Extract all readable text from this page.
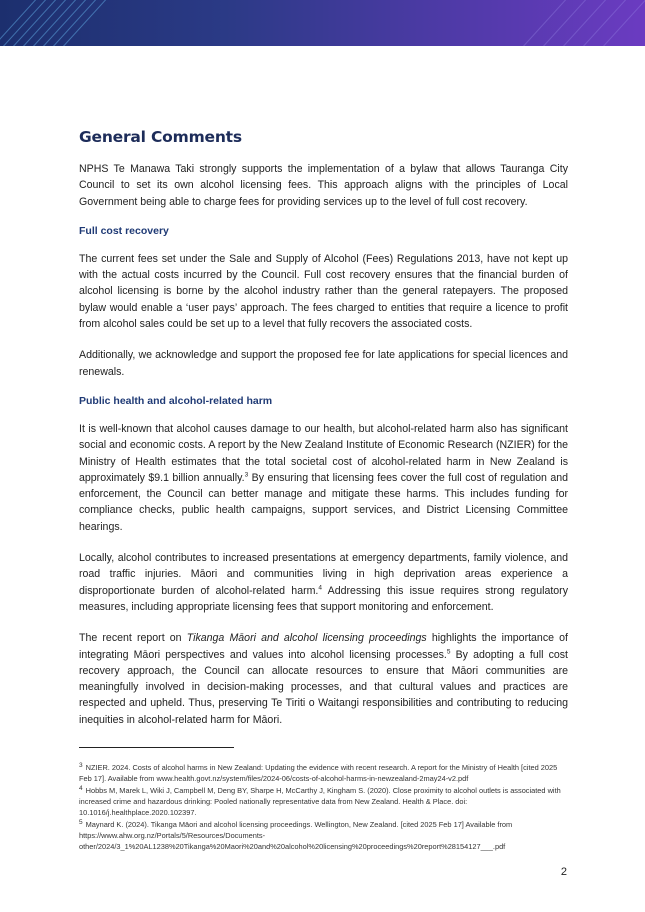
General Comments

NPHS Te Manawa Taki strongly supports the implementation of a bylaw that allows Tauranga City Council to set its own alcohol licensing fees. This approach aligns with the principles of Local Government being able to charge fees for providing services up to the level of full cost recovery.

Full cost recovery

The current fees set under the Sale and Supply of Alcohol (Fees) Regulations 2013, have not kept up with the actual costs incurred by the Council. Full cost recovery ensures that the financial burden of alcohol licensing is borne by the alcohol industry rather than the general ratepayers. The proposed bylaw would enable a ‘user pays’ approach. The fees charged to entities that require a licence to profit from alcohol sales could be set up to a level that fully recovers the associated costs.

Additionally, we acknowledge and support the proposed fee for late applications for special licences and renewals.

Public health and alcohol-related harm

It is well-known that alcohol causes damage to our health, but alcohol-related harm also has significant social and economic costs. A report by the New Zealand Institute of Economic Research (NZIER) for the Ministry of Health estimates that the total societal cost of alcohol-related harm in New Zealand is approximately $9.1 billion annually.$^3$ By ensuring that licensing fees cover the full cost of regulation and enforcement, the Council can better manage and mitigate these harms. This includes funding for compliance checks, public health campaigns, support services, and District Licensing Committee hearings.

Locally, alcohol contributes to increased presentations at emergency departments, family violence, and road traffic injuries. Māori and communities living in high deprivation areas experience a disproportionate burden of alcohol-related harm.$^4$ Addressing this issue requires strong regulatory measures, including appropriate licensing fees that support monitoring and enforcement.

The recent report on Tikanga Māori and alcohol licensing proceedings highlights the importance of integrating Māori perspectives and values into alcohol licensing processes.$^5$ By adopting a full cost recovery approach, the Council can allocate resources to ensure that Māori communities are meaningfully involved in decision-making processes, and that cultural values and practices are respected and upheld. Thus, preserving Te Tiriti o Waitangi responsibilities and contributing to reducing inequities in alcohol-related harm for Māori.

$^3$ NZIER. 2024. Costs of alcohol harms in New Zealand: Updating the evidence with recent research. A report for the Ministry of Health [cited 2025 Feb 17]. Available from www.health.govt.nz/system/files/2024-06/costs-of-alcohol-harms-in-newzealand-2may24-v2.pdf
$^4$ Hobbs M, Marek L, Wiki J, Campbell M, Deng BY, Sharpe H, McCarthy J, Kingham S. (2020). Close proximity to alcohol outlets is associated with increased crime and hazardous drinking: Pooled nationally representative data from New Zealand. Health & Place. doi: 10.1016/j.healthplace.2020.102397.
$^5$ Maynard K. (2024). Tikanga Māori and alcohol licensing proceedings. Wellington, New Zealand. [cited 2025 Feb 17] Available from https://www.ahw.org.nz/Portals/5/Resources/Documents-other/2024/3_1%20AL1238%20Tikanga%20Maori%20and%20alcohol%20licensing%20proceedings%20report%28154127___.pdf
2
